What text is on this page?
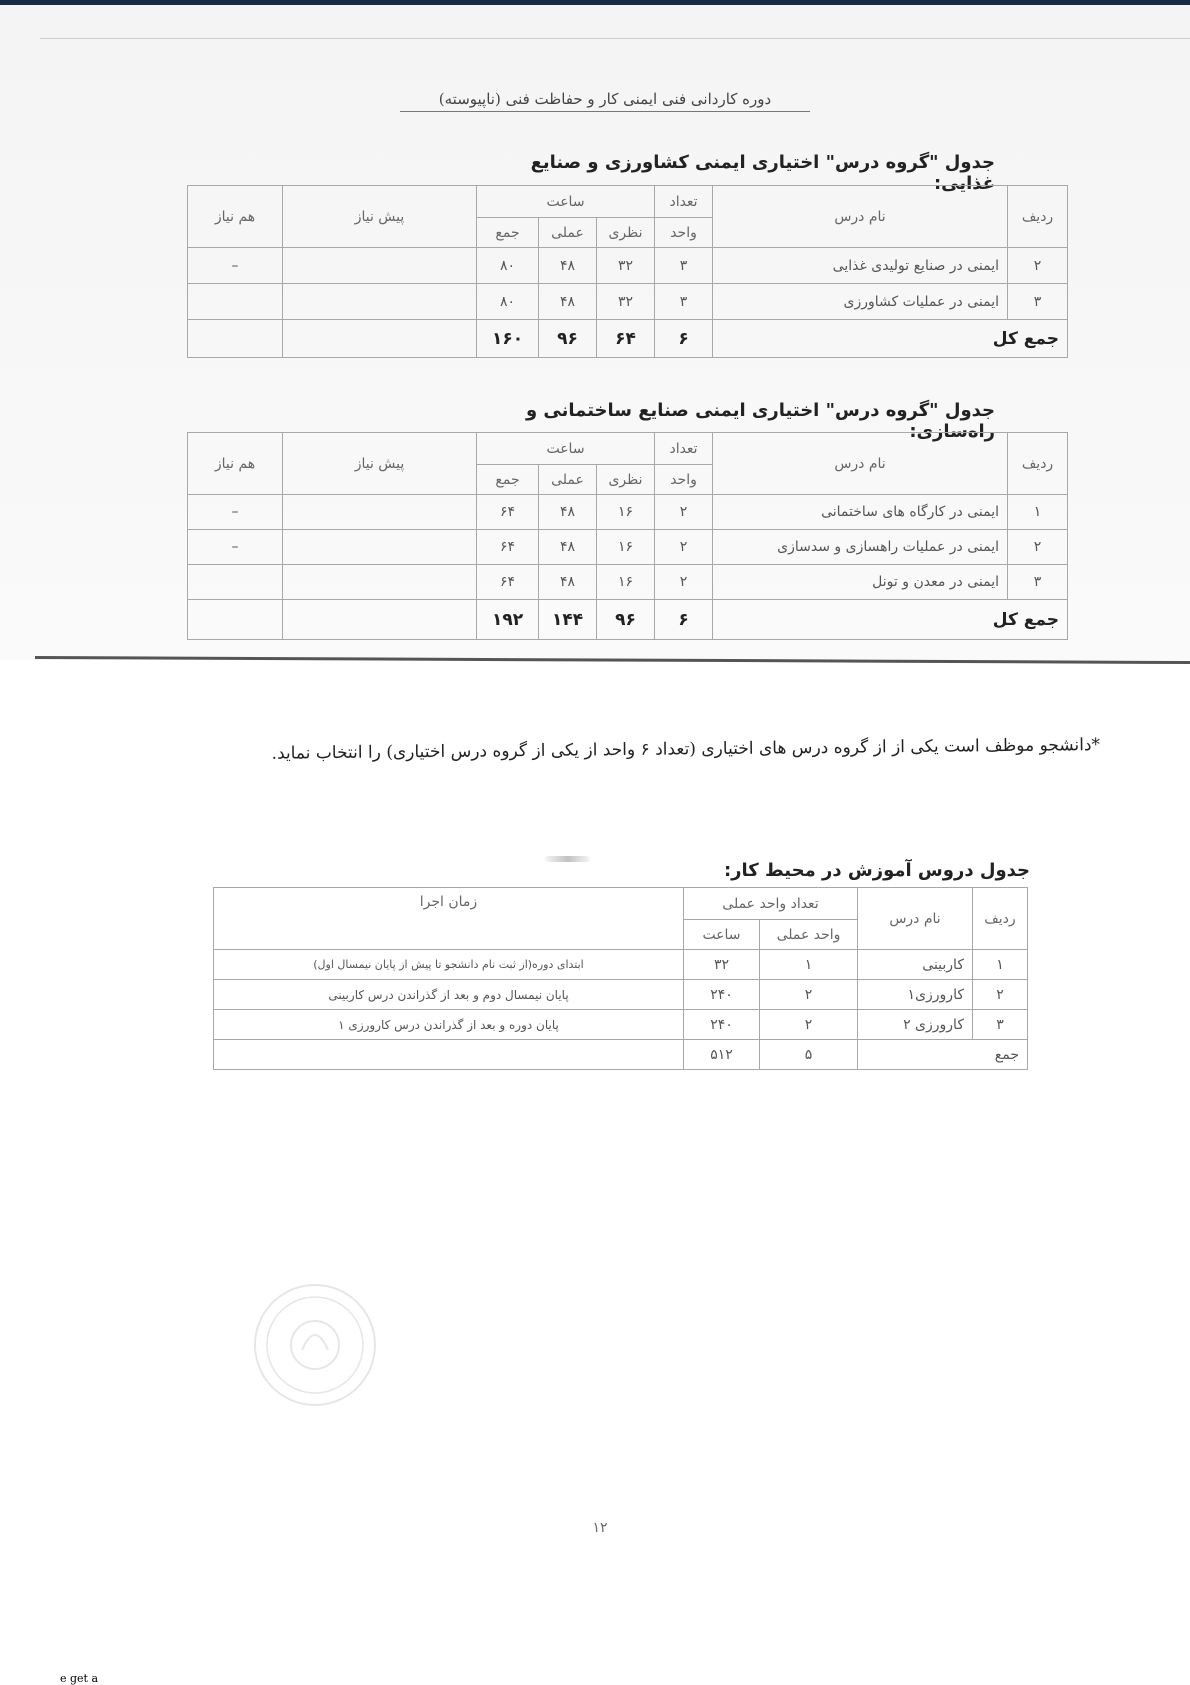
دوره کاردانی فنی ایمنی کار و حفاظت فنی (ناپیوسته)
جدول "گروه درس" اختیاری ایمنی کشاورزی و صنایع غذایی:
ردیف	نام درس	تعداد	ساعت			پیش نیاز	هم نیاز
		واحد	نظری	عملی	جمع		
۲	ایمنی در صنایع تولیدی غذایی	۳	۳۲	۴۸	۸۰		–
۳	ایمنی در عملیات کشاورزی	۳	۳۲	۴۸	۸۰		
جمع کل		۶	۶۴	۹۶	۱۶۰		
جدول "گروه درس" اختیاری ایمنی صنایع ساختمانی و راه‌سازی:
ردیف	نام درس	تعداد	ساعت			پیش نیاز	هم نیاز
		واحد	نظری	عملی	جمع		
۱	ایمنی در کارگاه های ساختمانی	۲	۱۶	۴۸	۶۴		–
۲	ایمنی در عملیات راهسازی و سدسازی	۲	۱۶	۴۸	۶۴		–
۳	ایمنی در معدن و تونل	۲	۱۶	۴۸	۶۴		
جمع کل		۶	۹۶	۱۴۴	۱۹۲		
*دانشجو موظف است یکی از از گروه درس های اختیاری (تعداد ۶ واحد از یکی از گروه درس اختیاری) را انتخاب نماید.
جدول دروس آموزش در محیط کار:
ردیف	نام درس	تعداد واحد عملی		زمان اجرا
		واحد عملی	ساعت	
۱	کاربینی	۱	۳۲	ابتدای دوره(از ثبت نام دانشجو تا پیش از پایان نیمسال اول)
۲	کارورزی۱	۲	۲۴۰	پایان نیمسال دوم و بعد از گذراندن درس کاربینی
۳	کارورزی ۲	۲	۲۴۰	پایان دوره و بعد از گذراندن درس کارورزی ۱
جمع		۵	۵۱۲	
۱۲
e get a
